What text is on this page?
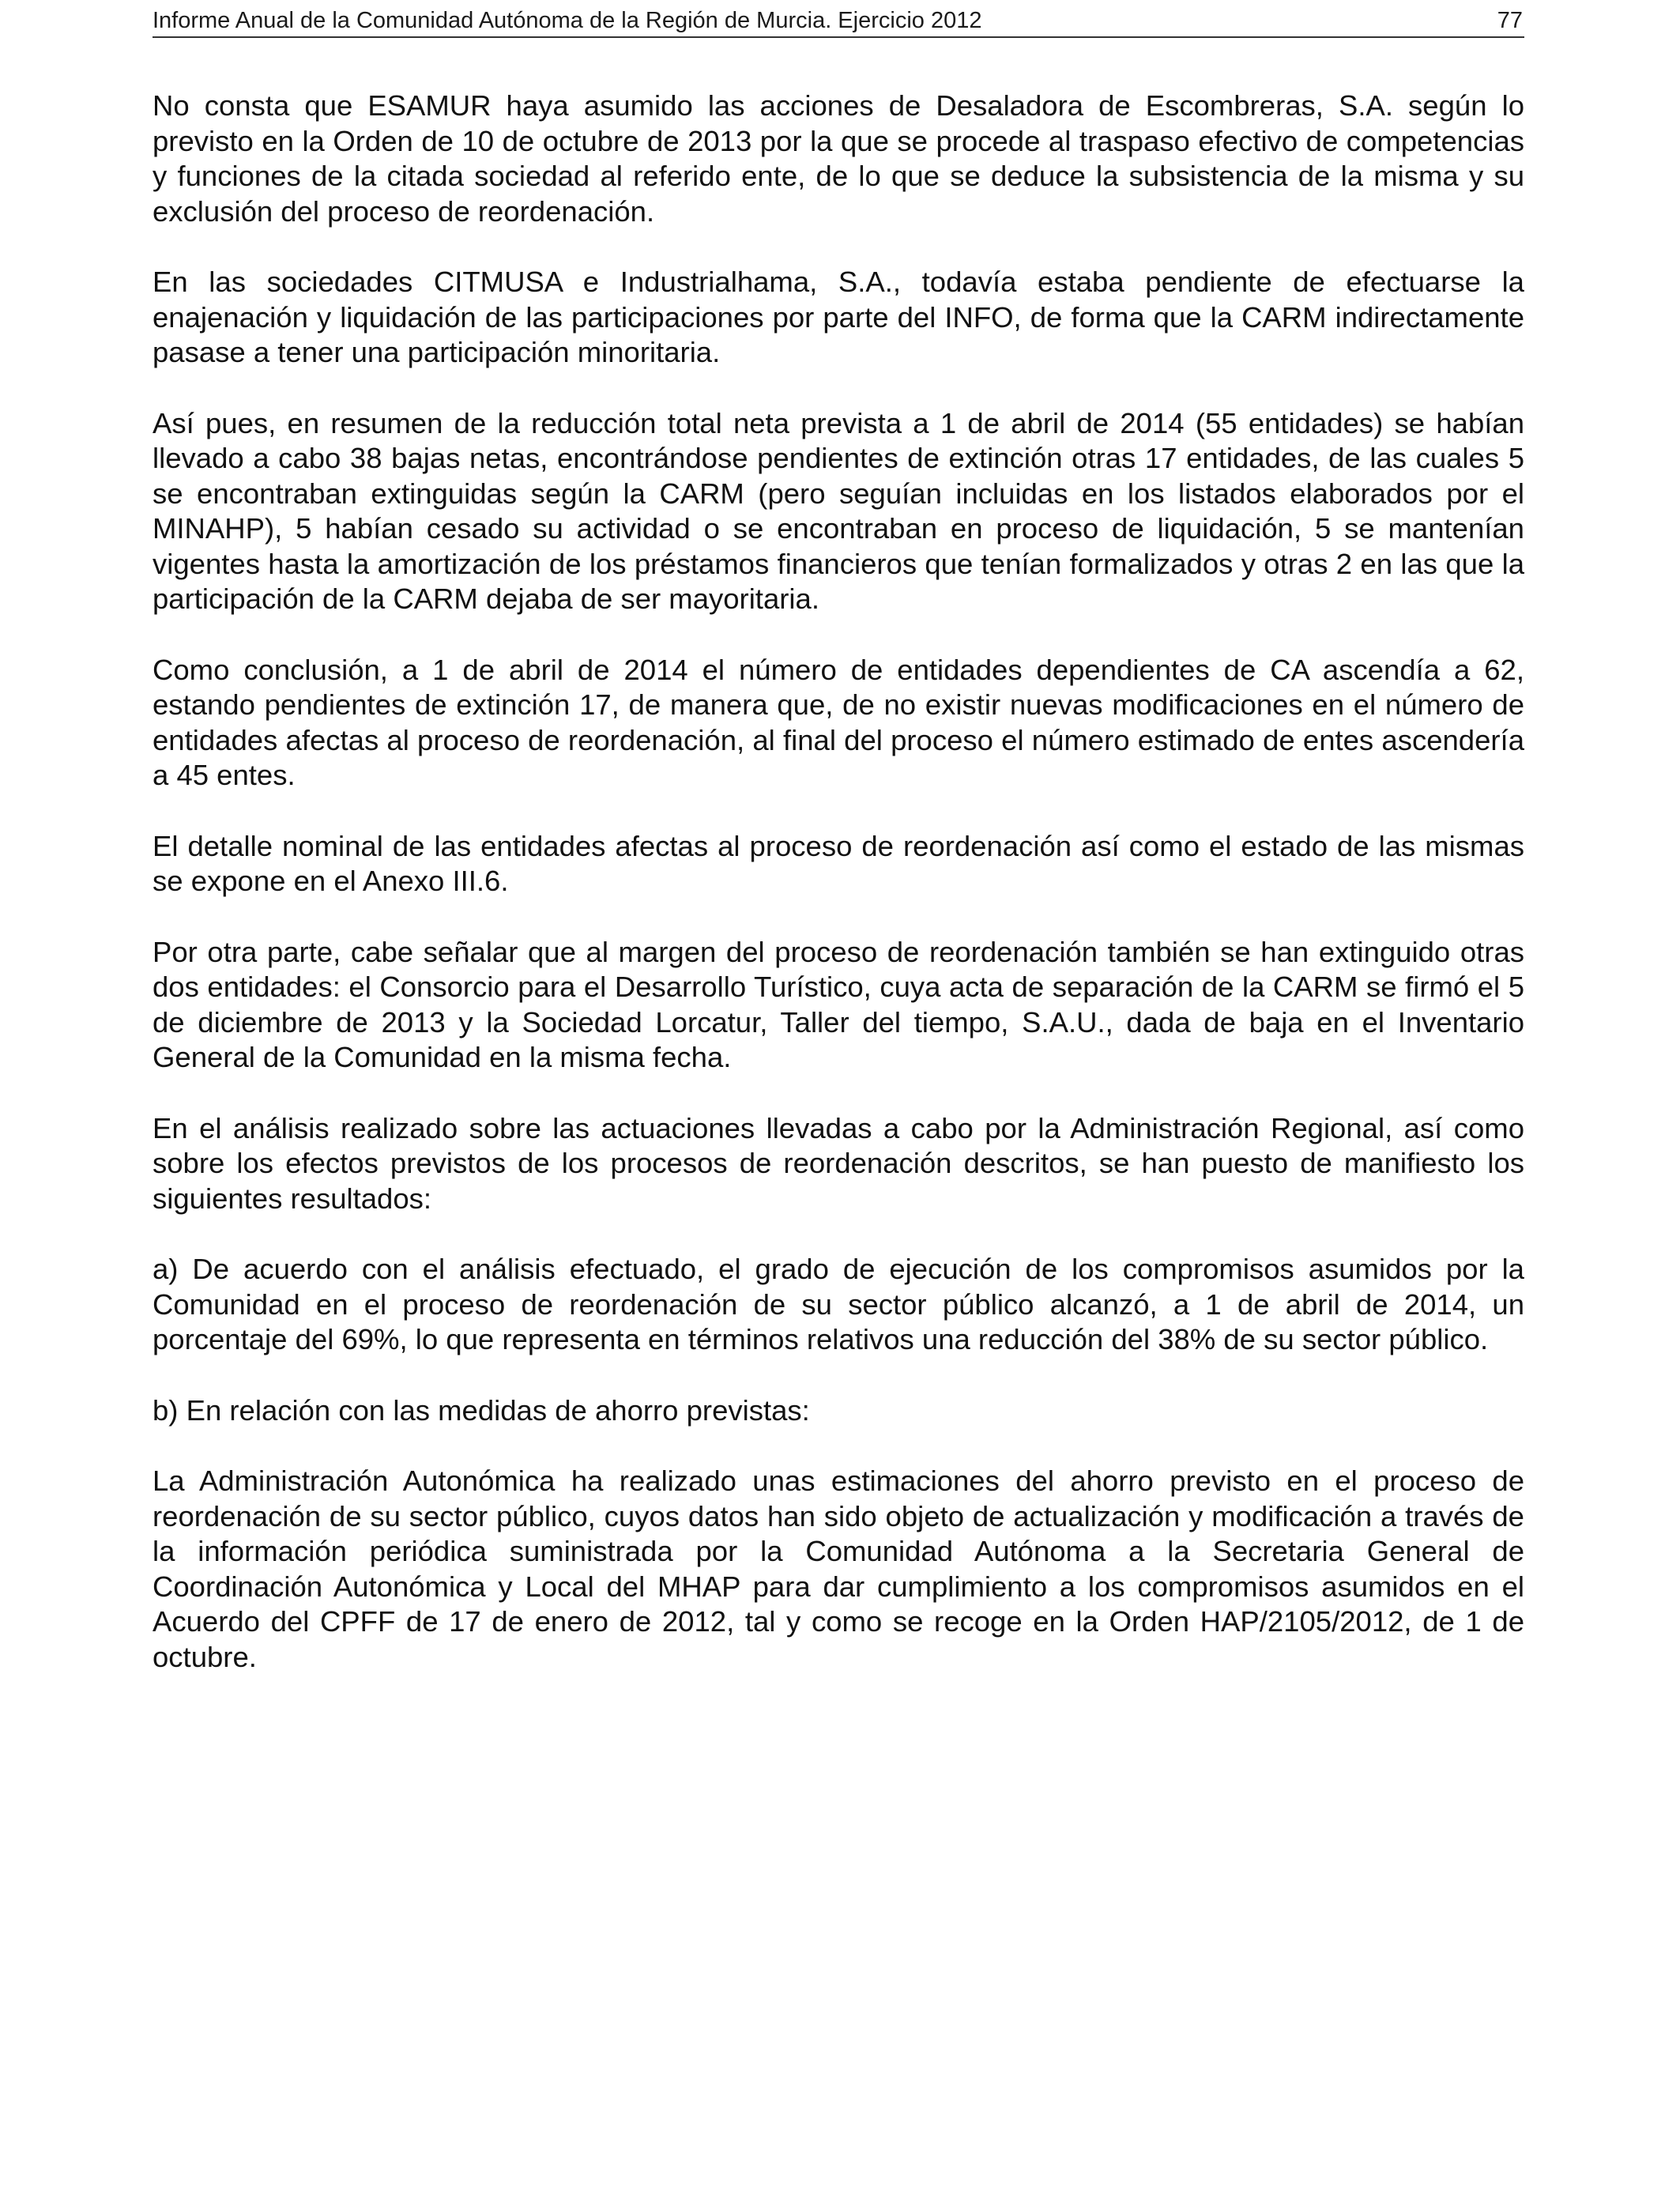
Informe Anual de la Comunidad Autónoma de la Región de Murcia. Ejercicio 2012	77

No consta que ESAMUR haya asumido las acciones de Desaladora de Escombreras, S.A. según lo previsto en la Orden de 10 de octubre de 2013 por la que se procede al traspaso efectivo de competencias y funciones de la citada sociedad al referido ente, de lo que se deduce la subsistencia de la misma y su exclusión del proceso de reordenación.

En las sociedades CITMUSA e Industrialhama, S.A., todavía estaba pendiente de efectuarse la enajenación y liquidación de las participaciones por parte del INFO, de forma que la CARM indirectamente pasase a tener una participación minoritaria.

Así pues, en resumen de la reducción total neta prevista a 1 de abril de 2014 (55 entidades) se habían llevado a cabo 38 bajas netas, encontrándose pendientes de extinción otras 17 entidades, de las cuales 5 se encontraban extinguidas según la CARM (pero seguían incluidas en los listados elaborados por el MINAHP), 5 habían cesado su actividad o se encontraban en proceso de liquidación, 5 se mantenían vigentes hasta la amortización de los préstamos financieros que tenían formalizados y otras 2 en las que la participación de la CARM dejaba de ser mayoritaria.

Como conclusión, a 1 de abril de 2014 el número de entidades dependientes de CA ascendía a 62, estando pendientes de extinción 17, de manera que, de no existir nuevas modificaciones en el número de entidades afectas al proceso de reordenación, al final del proceso el número estimado de entes ascendería a 45 entes.

El detalle nominal de las entidades afectas al proceso de reordenación así como el estado de las mismas se expone en el Anexo III.6.

Por otra parte, cabe señalar que al margen del proceso de reordenación también se han extinguido otras dos entidades: el Consorcio para el Desarrollo Turístico, cuya acta de separación de la CARM se firmó el 5 de diciembre de 2013 y la Sociedad Lorcatur, Taller del tiempo, S.A.U., dada de baja en el Inventario General de la Comunidad en la misma fecha.

En el análisis realizado sobre las actuaciones llevadas a cabo por la Administración Regional, así como sobre los efectos previstos de los procesos de reordenación descritos, se han puesto de manifiesto los siguientes resultados:

a) De acuerdo con el análisis efectuado, el grado de ejecución de los compromisos asumidos por la Comunidad en el proceso de reordenación de su sector público alcanzó, a 1 de abril de 2014, un porcentaje del 69%, lo que representa en términos relativos una reducción del 38% de su sector público.

b) En relación con las medidas de ahorro previstas:

La Administración Autonómica ha realizado unas estimaciones del ahorro previsto en el proceso de reordenación de su sector público, cuyos datos han sido objeto de actualización y modificación a través de la información periódica suministrada por la Comunidad Autónoma a la Secretaria General de Coordinación Autonómica y Local del MHAP para dar cumplimiento a los compromisos asumidos en el Acuerdo del CPFF de 17 de enero de 2012, tal y como se recoge en la Orden HAP/2105/2012, de 1 de octubre.
